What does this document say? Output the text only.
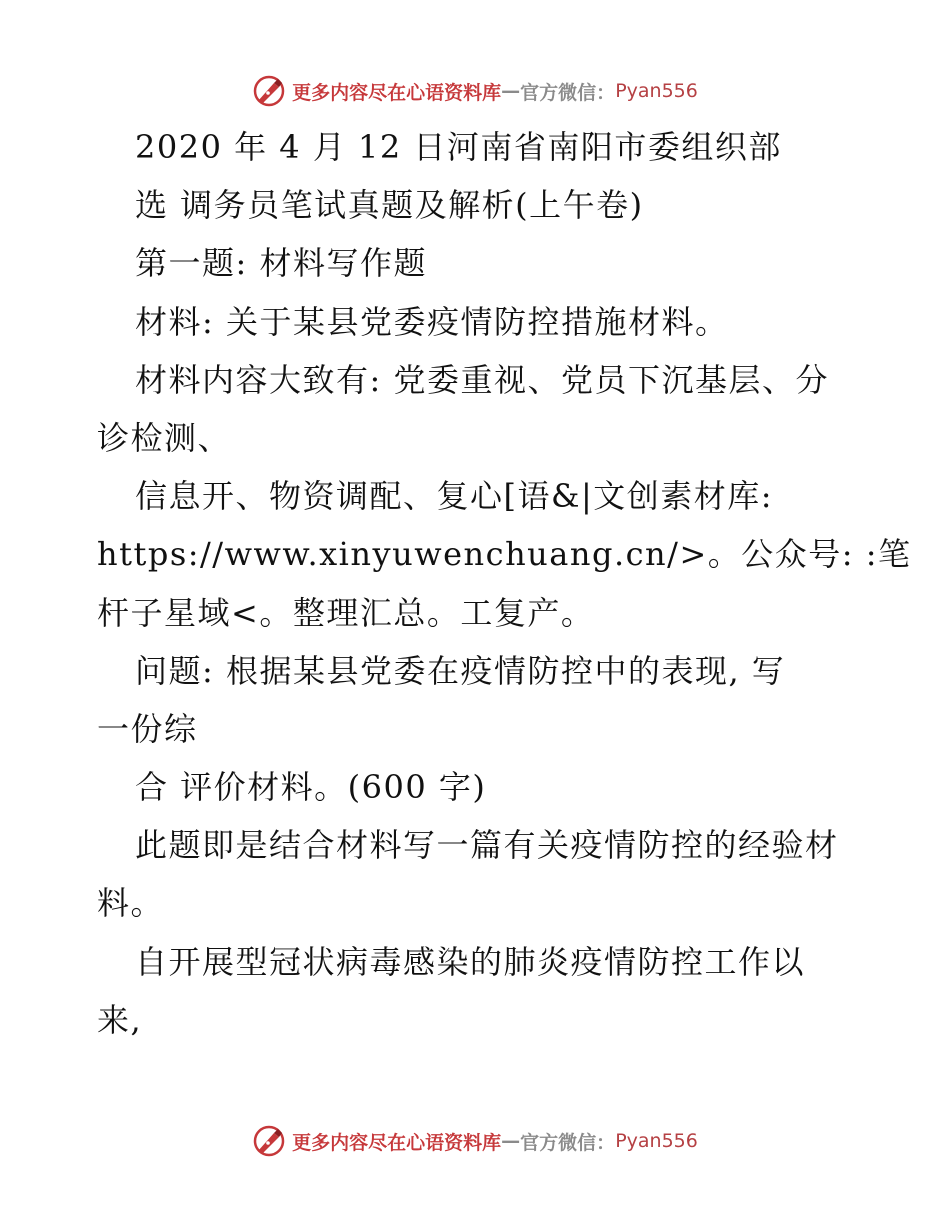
更多内容尽在心语资料库 — 官方微信： Pyan556
2020 年 4 月 12 日河南省南阳市委组织部
选 调务员笔试真题及解析(上午卷)
第一题: 材料写作题
材料: 关于某县党委疫情防控措施材料。
材料内容大致有: 党委重视、党员下沉基层、分
诊检测、
信息开、物资调配、复心[语&|文创素材库:
https://www.xinyuwenchuang.cn/>。公众号: :笔
杆子星域<。整理汇总。工复产。
问题: 根据某县党委在疫情防控中的表现, 写
一份综
合 评价材料。(600 字)
此题即是结合材料写一篇有关疫情防控的经验材
料。
自开展型冠状病毒感染的肺炎疫情防控工作以
来,
更多内容尽在心语资料库 — 官方微信： Pyan556
